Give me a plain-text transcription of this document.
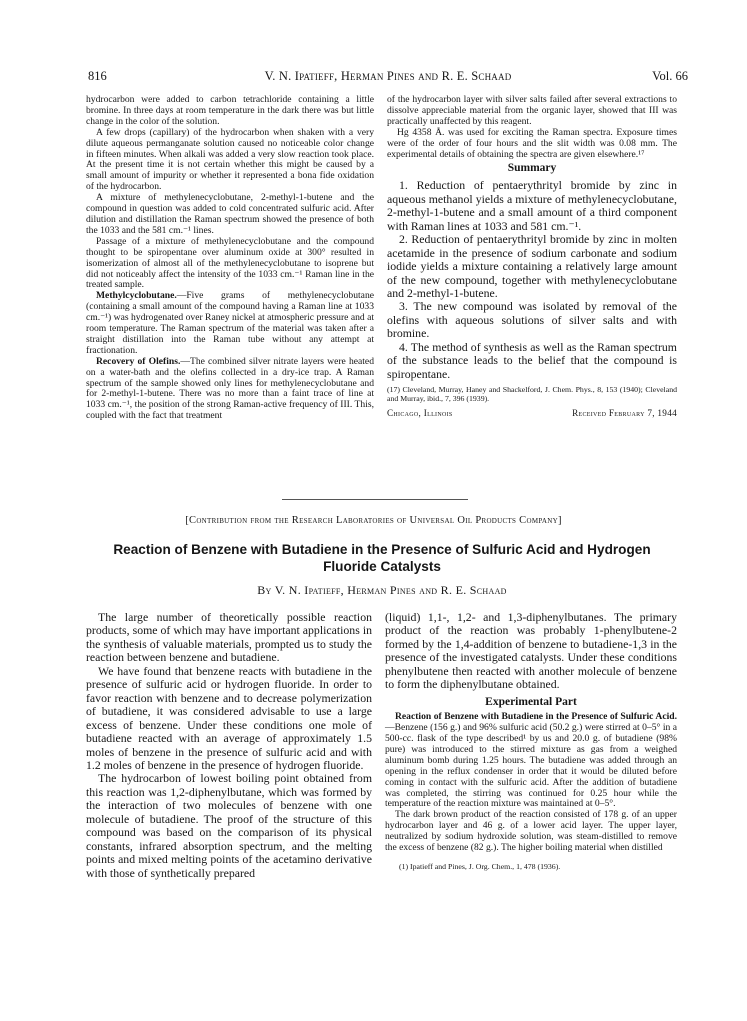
816	V. N. Ipatieff, Herman Pines and R. E. Schaad	Vol. 66

hydrocarbon were added to carbon tetrachloride containing a little bromine. In three days at room temperature in the dark there was but little change in the color of the solution.

A few drops (capillary) of the hydrocarbon when shaken with a very dilute aqueous permanganate solution caused no noticeable color change in fifteen minutes. When alkali was added a very slow reaction took place. At the present time it is not certain whether this might be caused by a small amount of impurity or whether it represented a bona fide oxidation of the hydrocarbon.

A mixture of methylenecyclobutane, 2-methyl-1-butene and the compound in question was added to cold concentrated sulfuric acid. After dilution and distillation the Raman spectrum showed the presence of both the 1033 and the 581 cm.⁻¹ lines.

Passage of a mixture of methylenecyclobutane and the compound thought to be spiropentane over aluminum oxide at 300° resulted in isomerization of almost all of the methylenecyclobutane to isoprene but did not noticeably affect the intensity of the 1033 cm.⁻¹ Raman line in the treated sample.

Methylcyclobutane.—Five grams of methylenecyclobutane (containing a small amount of the compound having a Raman line at 1033 cm.⁻¹) was hydrogenated over Raney nickel at atmospheric pressure and at room temperature. The Raman spectrum of the material was taken after a straight distillation into the Raman tube without any attempt at fractionation.

Recovery of Olefins.—The combined silver nitrate layers were heated on a water-bath and the olefins collected in a dry-ice trap. A Raman spectrum of the sample showed only lines for methylenecyclobutane and for 2-methyl-1-butene. There was no more than a faint trace of line at 1033 cm.⁻¹, the position of the strong Raman-active frequency of III. This, coupled with the fact that treatment

of the hydrocarbon layer with silver salts failed after several extractions to dissolve appreciable material from the organic layer, showed that III was practically unaffected by this reagent.

Hg 4358 Å. was used for exciting the Raman spectra. Exposure times were of the order of four hours and the slit width was 0.08 mm. The experimental details of obtaining the spectra are given elsewhere.¹⁷

Summary

1. Reduction of pentaerythrityl bromide by zinc in aqueous methanol yields a mixture of methylenecyclobutane, 2-methyl-1-butene and a small amount of a third component with Raman lines at 1033 and 581 cm.⁻¹.

2. Reduction of pentaerythrityl bromide by zinc in molten acetamide in the presence of sodium carbonate and sodium iodide yields a mixture containing a relatively large amount of the new compound, together with methylenecyclobutane and 2-methyl-1-butene.

3. The new compound was isolated by removal of the olefins with aqueous solutions of silver salts and with bromine.

4. The method of synthesis as well as the Raman spectrum of the substance leads to the belief that the compound is spiropentane.

(17) Cleveland, Murray, Haney and Shackelford, J. Chem. Phys., 8, 153 (1940); Cleveland and Murray, ibid., 7, 396 (1939).
Chicago, Illinois	Received February 7, 1944
[Contribution from the Research Laboratories of Universal Oil Products Company]
Reaction of Benzene with Butadiene in the Presence of Sulfuric Acid and Hydrogen Fluoride Catalysts
By V. N. Ipatieff, Herman Pines and R. E. Schaad

The large number of theoretically possible reaction products, some of which may have important applications in the synthesis of valuable materials, prompted us to study the reaction between benzene and butadiene.

We have found that benzene reacts with butadiene in the presence of sulfuric acid or hydrogen fluoride. In order to favor reaction with benzene and to decrease polymerization of butadiene, it was considered advisable to use a large excess of benzene. Under these conditions one mole of butadiene reacted with an average of approximately 1.5 moles of benzene in the presence of sulfuric acid and with 1.2 moles of benzene in the presence of hydrogen fluoride.

The hydrocarbon of lowest boiling point obtained from this reaction was 1,2-diphenylbutane, which was formed by the interaction of two molecules of benzene with one molecule of butadiene. The proof of the structure of this compound was based on the comparison of its physical constants, infrared absorption spectrum, and the melting points and mixed melting points of the acetamino derivative with those of synthetically prepared

(liquid) 1,1-, 1,2- and 1,3-diphenylbutanes. The primary product of the reaction was probably 1-phenylbutene-2 formed by the 1,4-addition of benzene to butadiene-1,3 in the presence of the investigated catalysts. Under these conditions phenylbutene then reacted with another molecule of benzene to form the diphenylbutane obtained.

Experimental Part

Reaction of Benzene with Butadiene in the Presence of Sulfuric Acid.—Benzene (156 g.) and 96% sulfuric acid (50.2 g.) were stirred at 0–5° in a 500-cc. flask of the type described¹ by us and 20.0 g. of butadiene (98% pure) was introduced to the stirred mixture as gas from a weighed aluminum bomb during 1.25 hours. The butadiene was added through an opening in the reflux condenser in order that it would be diluted before coming in contact with the sulfuric acid. After the addition of butadiene was completed, the stirring was continued for 0.25 hour while the temperature of the reaction mixture was maintained at 0–5°.

The dark brown product of the reaction consisted of 178 g. of an upper hydrocarbon layer and 46 g. of a lower acid layer. The upper layer, neutralized by sodium hydroxide solution, was steam-distilled to remove the excess of benzene (82 g.). The higher boiling material when distilled

(1) Ipatieff and Pines, J. Org. Chem., 1, 478 (1936).
